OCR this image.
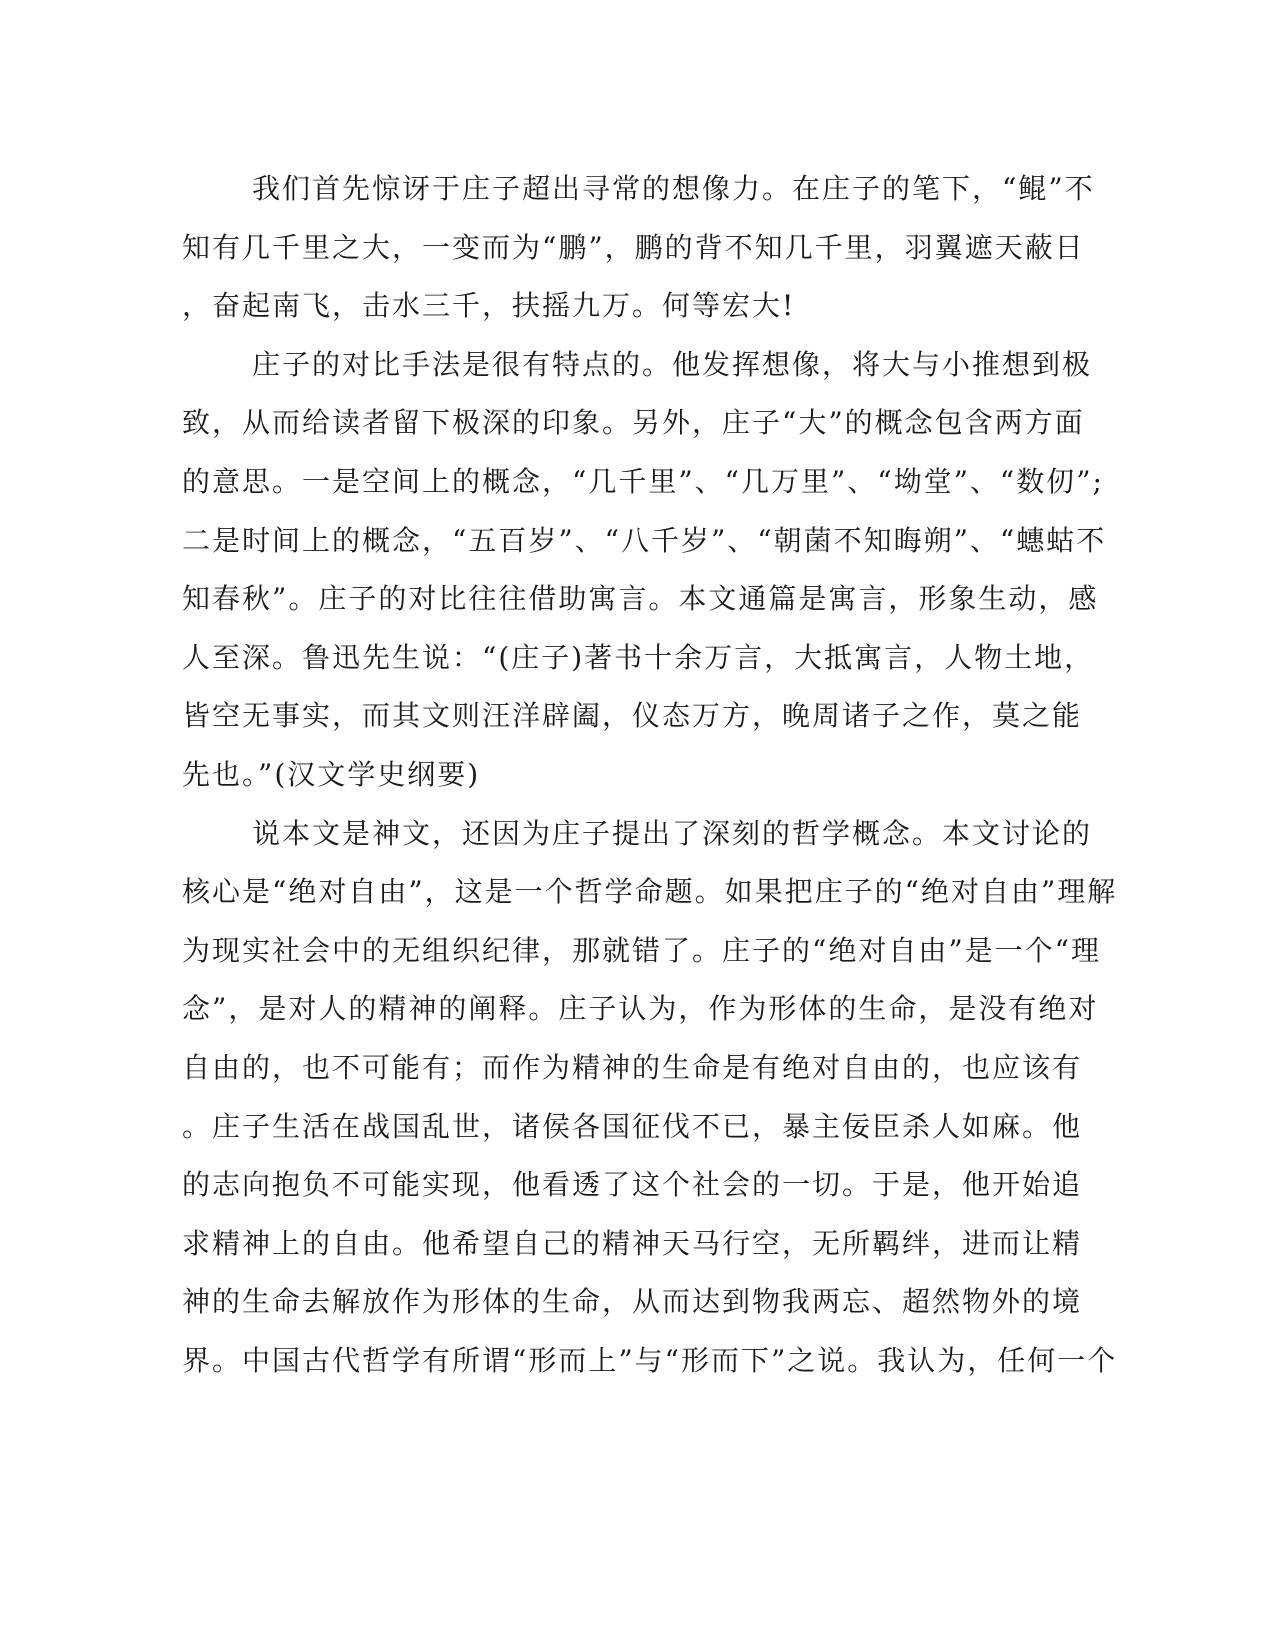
我们首先惊讶于庄子超出寻常的想像力。在庄子的笔下，“鲲”不
知有几千里之大，一变而为“鹏”，鹏的背不知几千里，羽翼遮天蔽日
，奋起南飞，击水三千，扶摇九万。何等宏大!
庄子的对比手法是很有特点的。他发挥想像，将大与小推想到极
致，从而给读者留下极深的印象。另外，庄子“大”的概念包含两方面
的意思。一是空间上的概念，“几千里”、“几万里”、“坳堂”、“数仞”;
二是时间上的概念，“五百岁”、“八千岁”、“朝菌不知晦朔”、“蟪蛄不
知春秋”。庄子的对比往往借助寓言。本文通篇是寓言，形象生动，感
人至深。鲁迅先生说：“(庄子)著书十余万言，大抵寓言，人物土地，
皆空无事实，而其文则汪洋辟阖，仪态万方，晚周诸子之作，莫之能
先也。”(汉文学史纲要)
说本文是神文，还因为庄子提出了深刻的哲学概念。本文讨论的
核心是“绝对自由”，这是一个哲学命题。如果把庄子的“绝对自由”理解
为现实社会中的无组织纪律，那就错了。庄子的“绝对自由”是一个“理
念”，是对人的精神的阐释。庄子认为，作为形体的生命，是没有绝对
自由的，也不可能有；而作为精神的生命是有绝对自由的，也应该有
。庄子生活在战国乱世，诸侯各国征伐不已，暴主佞臣杀人如麻。他
的志向抱负不可能实现，他看透了这个社会的一切。于是，他开始追
求精神上的自由。他希望自己的精神天马行空，无所羁绊，进而让精
神的生命去解放作为形体的生命，从而达到物我两忘、超然物外的境
界。中国古代哲学有所谓“形而上”与“形而下”之说。我认为，任何一个
